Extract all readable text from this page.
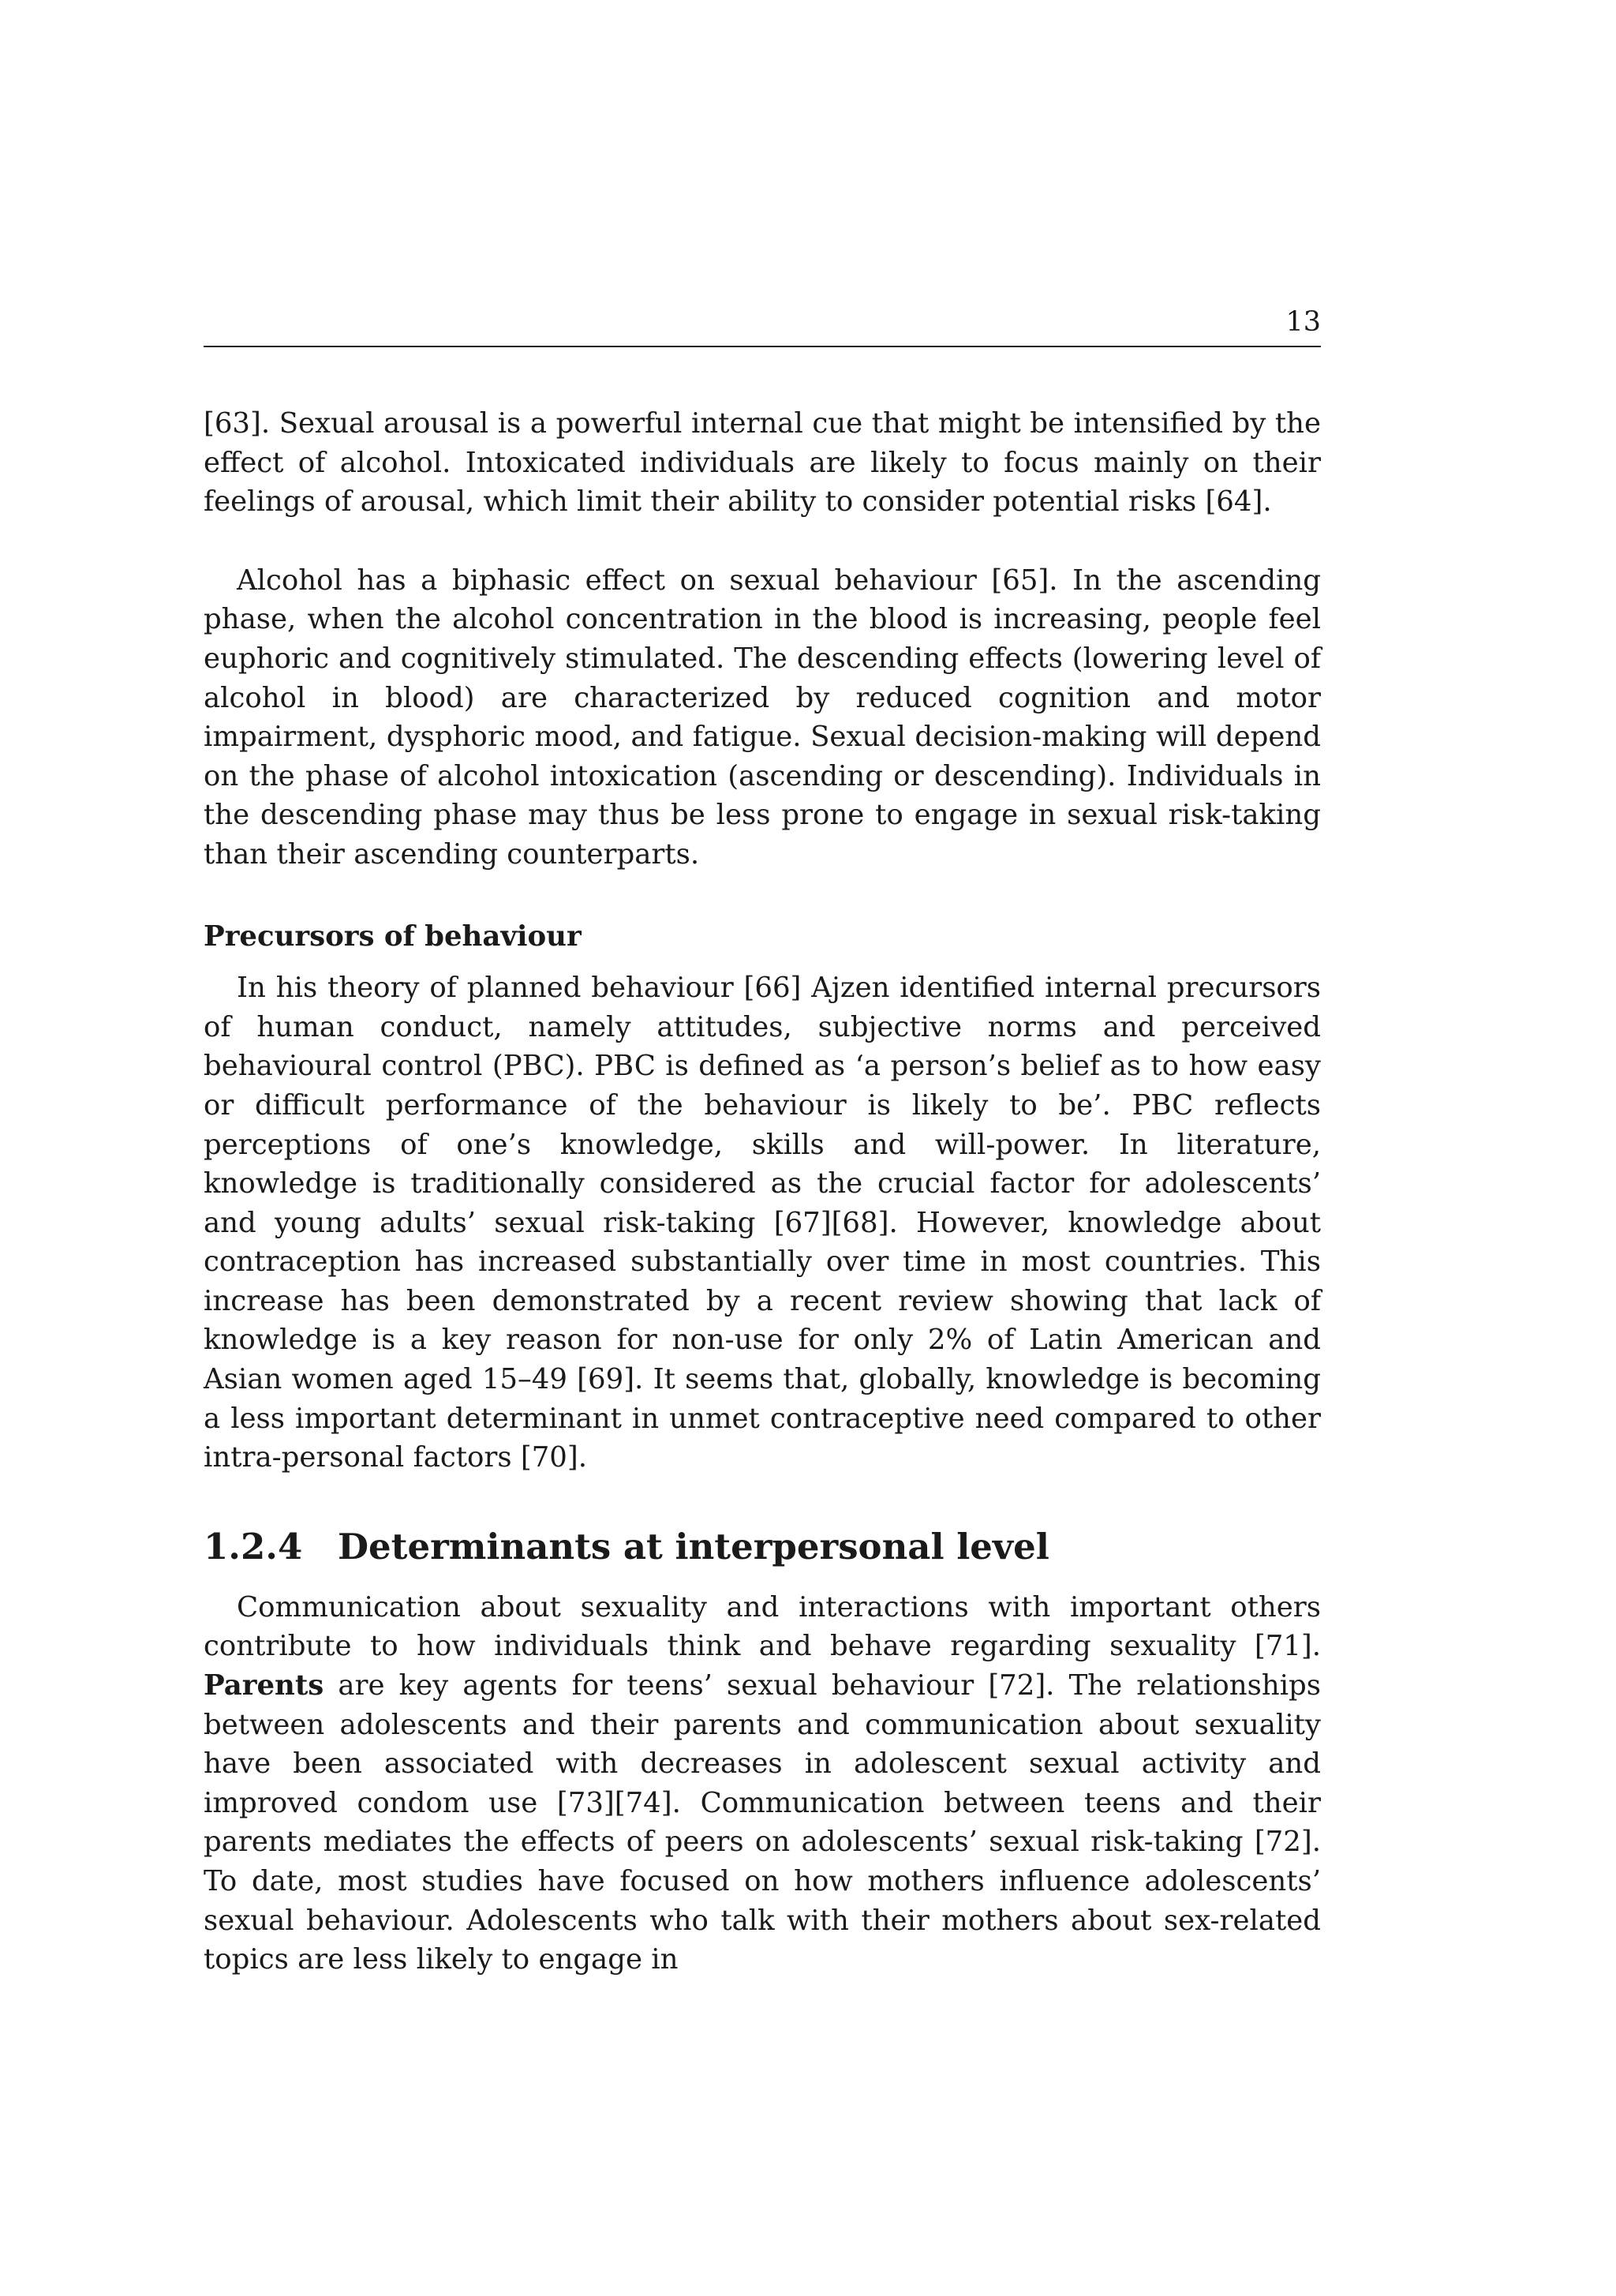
13

[63]. Sexual arousal is a powerful internal cue that might be intensified by the effect of alcohol. Intoxicated individuals are likely to focus mainly on their feelings of arousal, which limit their ability to consider potential risks [64].

Alcohol has a biphasic effect on sexual behaviour [65]. In the ascending phase, when the alcohol concentration in the blood is increasing, people feel euphoric and cognitively stimulated. The descending effects (lowering level of alcohol in blood) are characterized by reduced cognition and motor impairment, dysphoric mood, and fatigue. Sexual decision-making will depend on the phase of alcohol intoxication (ascending or descending). Individuals in the descending phase may thus be less prone to engage in sexual risk-taking than their ascending counterparts.

Precursors of behaviour

In his theory of planned behaviour [66] Ajzen identified internal precursors of human conduct, namely attitudes, subjective norms and perceived behavioural control (PBC). PBC is defined as ‘a person’s belief as to how easy or difficult performance of the behaviour is likely to be’. PBC reflects perceptions of one’s knowledge, skills and will-power. In literature, knowledge is traditionally considered as the crucial factor for adolescents’ and young adults’ sexual risk-taking [67][68]. However, knowledge about contraception has increased substantially over time in most countries. This increase has been demonstrated by a recent review showing that lack of knowledge is a key reason for non-use for only 2% of Latin American and Asian women aged 15–49 [69]. It seems that, globally, knowledge is becoming a less important determinant in unmet contraceptive need compared to other intra-personal factors [70].

1.2.4 Determinants at interpersonal level

Communication about sexuality and interactions with important others contribute to how individuals think and behave regarding sexuality [71]. Parents are key agents for teens’ sexual behaviour [72]. The relationships between adolescents and their parents and communication about sexuality have been associated with decreases in adolescent sexual activity and improved condom use [73][74]. Communication between teens and their parents mediates the effects of peers on adolescents’ sexual risk-taking [72]. To date, most studies have focused on how mothers influence adolescents’ sexual behaviour. Adolescents who talk with their mothers about sex-related topics are less likely to engage in
